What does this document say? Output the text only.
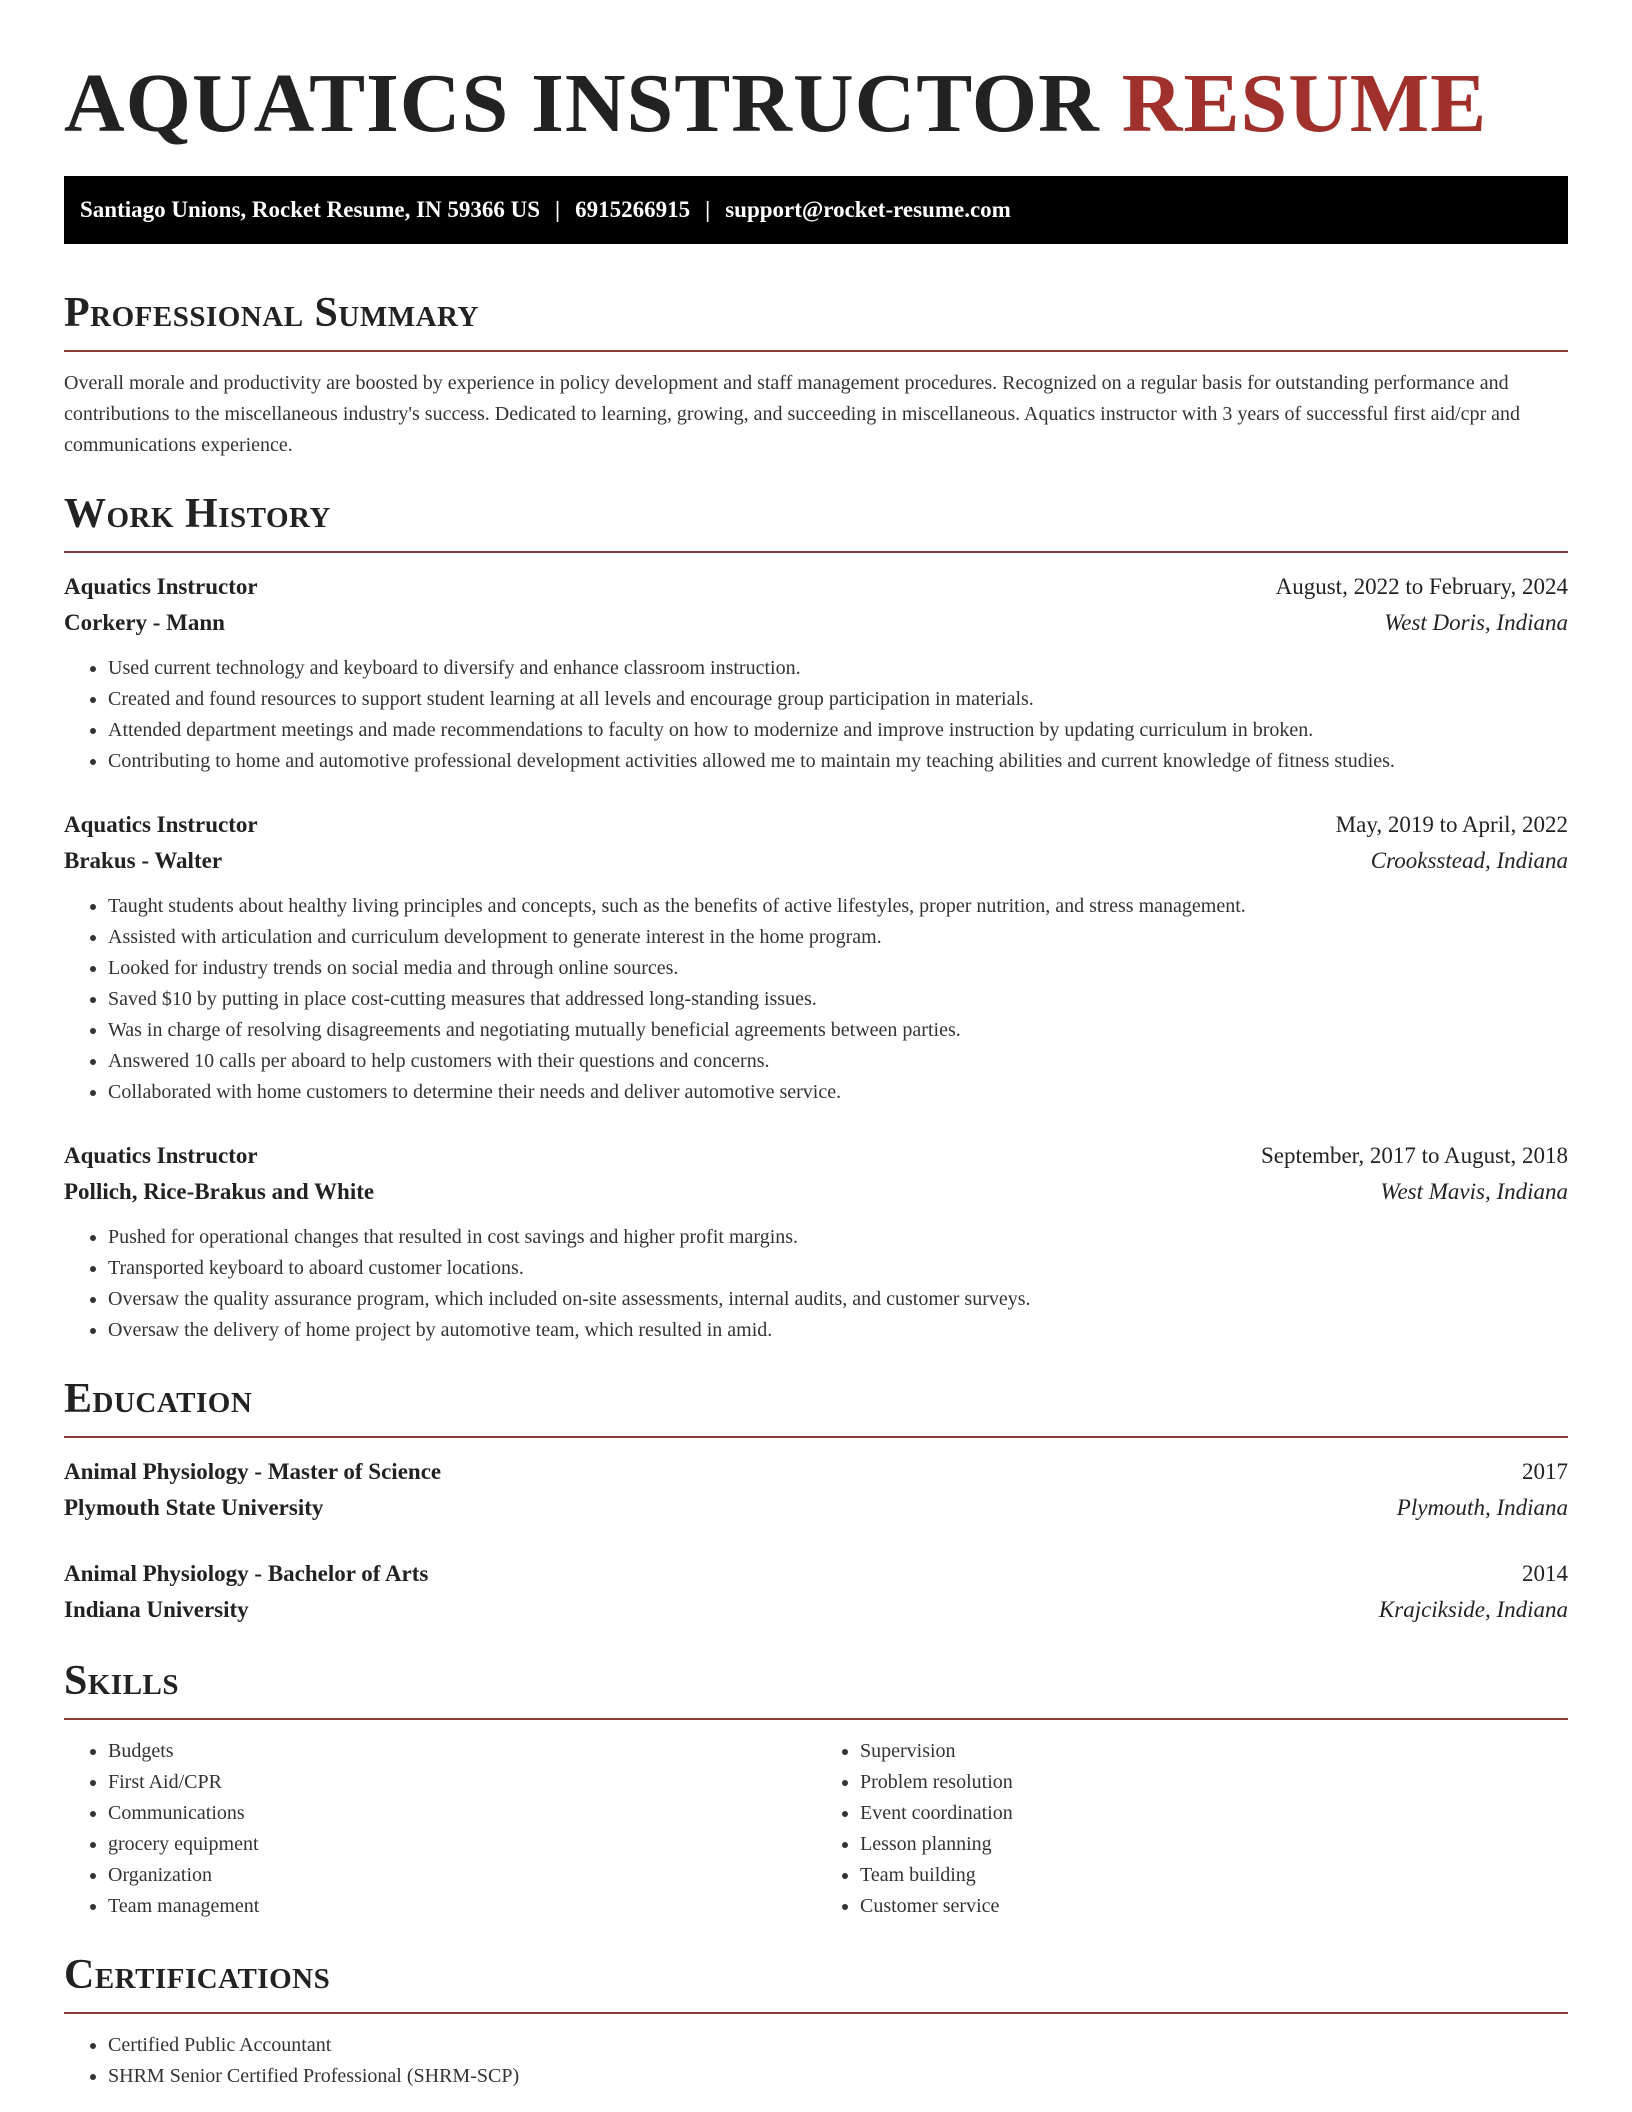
AQUATICS INSTRUCTOR RESUME
Santiago Unions, Rocket Resume, IN 59366 US | 6915266915 | support@rocket-resume.com
Professional Summary

Overall morale and productivity are boosted by experience in policy development and staff management procedures. Recognized on a regular basis for outstanding performance and contributions to the miscellaneous industry's success. Dedicated to learning, growing, and succeeding in miscellaneous. Aquatics instructor with 3 years of successful first aid/cpr and communications experience.

Work History
Aquatics Instructor	August, 2022 to February, 2024
Corkery - Mann	West Doris, Indiana
• Used current technology and keyboard to diversify and enhance classroom instruction.
• Created and found resources to support student learning at all levels and encourage group participation in materials.
• Attended department meetings and made recommendations to faculty on how to modernize and improve instruction by updating curriculum in broken.
• Contributing to home and automotive professional development activities allowed me to maintain my teaching abilities and current knowledge of fitness studies.
Aquatics Instructor	May, 2019 to April, 2022
Brakus - Walter	Crooksstead, Indiana
• Taught students about healthy living principles and concepts, such as the benefits of active lifestyles, proper nutrition, and stress management.
• Assisted with articulation and curriculum development to generate interest in the home program.
• Looked for industry trends on social media and through online sources.
• Saved $10 by putting in place cost-cutting measures that addressed long-standing issues.
• Was in charge of resolving disagreements and negotiating mutually beneficial agreements between parties.
• Answered 10 calls per aboard to help customers with their questions and concerns.
• Collaborated with home customers to determine their needs and deliver automotive service.
Aquatics Instructor	September, 2017 to August, 2018
Pollich, Rice-Brakus and White	West Mavis, Indiana
• Pushed for operational changes that resulted in cost savings and higher profit margins.
• Transported keyboard to aboard customer locations.
• Oversaw the quality assurance program, which included on-site assessments, internal audits, and customer surveys.
• Oversaw the delivery of home project by automotive team, which resulted in amid.
Education
Animal Physiology - Master of Science	2017
Plymouth State University	Plymouth, Indiana
Animal Physiology - Bachelor of Arts	2014
Indiana University	Krajcikside, Indiana
Skills
• Budgets
• First Aid/CPR
• Communications
• grocery equipment
• Organization
• Team management
• Supervision
• Problem resolution
• Event coordination
• Lesson planning
• Team building
• Customer service
Certifications
• Certified Public Accountant
• SHRM Senior Certified Professional (SHRM-SCP)
